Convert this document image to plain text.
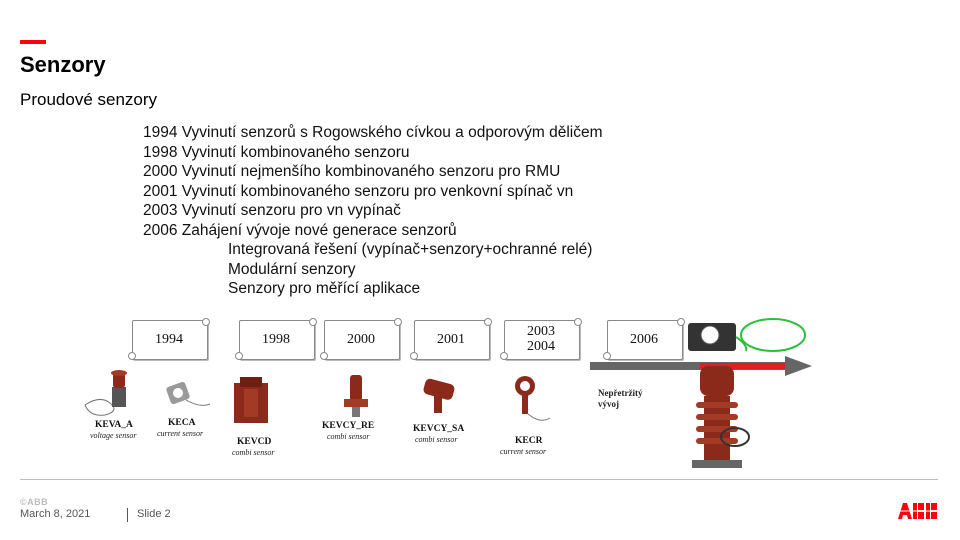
Senzory
Proudové senzory
1994 Vyvinutí senzorů s Rogowského cívkou a odporovým děličem
1998 Vyvinutí kombinovaného senzoru
2000 Vyvinutí nejmenšího kombinovaného senzoru pro RMU
2001 Vyvinutí kombinovaného senzoru pro venkovní spínač vn
2003 Vyvinutí senzoru pro vn vypínač
2006 Zahájení vývoje nové generace senzorů
Integrovaná řešení (vypínač+senzory+ochranné relé)
Modulární senzory
Senzory pro měřící aplikace
1994	1998	2000	2001	2003
2004	2006
KEVA_A
voltage sensor
KECA
current sensor
KEVCD
combi sensor
KEVCY_RE
combi sensor
KEVCY_SA
combi sensor	KECR
current sensor
Nepřetržitý vývoj
©ABB
March 8, 2021	Slide 2
